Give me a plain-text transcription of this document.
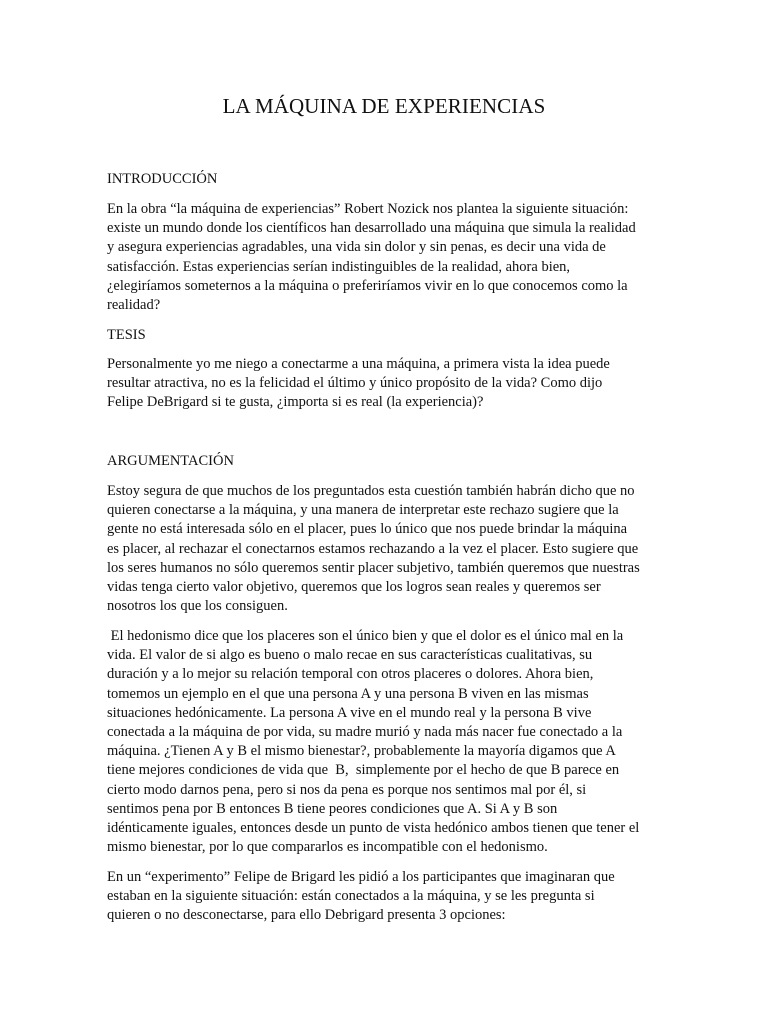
LA MÁQUINA DE EXPERIENCIAS
INTRODUCCIÓN

En la obra “la máquina de experiencias” Robert Nozick nos plantea la siguiente situación:
existe un mundo donde los científicos han desarrollado una máquina que simula la realidad
y asegura experiencias agradables, una vida sin dolor y sin penas, es decir una vida de
satisfacción. Estas experiencias serían indistinguibles de la realidad, ahora bien,
¿elegiríamos someternos a la máquina o preferiríamos vivir en lo que conocemos como la
realidad?

TESIS

Personalmente yo me niego a conectarme a una máquina, a primera vista la idea puede
resultar atractiva, no es la felicidad el último y único propósito de la vida? Como dijo
Felipe DeBrigard si te gusta, ¿importa si es real (la experiencia)?

ARGUMENTACIÓN

Estoy segura de que muchos de los preguntados esta cuestión también habrán dicho que no
quieren conectarse a la máquina, y una manera de interpretar este rechazo sugiere que la
gente no está interesada sólo en el placer, pues lo único que nos puede brindar la máquina
es placer, al rechazar el conectarnos estamos rechazando a la vez el placer. Esto sugiere que
los seres humanos no sólo queremos sentir placer subjetivo, también queremos que nuestras
vidas tenga cierto valor objetivo, queremos que los logros sean reales y queremos ser
nosotros los que los consiguen.

El hedonismo dice que los placeres son el único bien y que el dolor es el único mal en la
vida. El valor de si algo es bueno o malo recae en sus características cualitativas, su
duración y a lo mejor su relación temporal con otros placeres o dolores. Ahora bien,
tomemos un ejemplo en el que una persona A y una persona B viven en las mismas
situaciones hedónicamente. La persona A vive en el mundo real y la persona B vive
conectada a la máquina de por vida, su madre murió y nada más nacer fue conectado a la
máquina. ¿Tienen A y B el mismo bienestar?, probablemente la mayoría digamos que A
tiene mejores condiciones de vida que  B,  simplemente por el hecho de que B parece en
cierto modo darnos pena, pero si nos da pena es porque nos sentimos mal por él, si
sentimos pena por B entonces B tiene peores condiciones que A. Si A y B son
idénticamente iguales, entonces desde un punto de vista hedónico ambos tienen que tener el
mismo bienestar, por lo que compararlos es incompatible con el hedonismo.

En un “experimento” Felipe de Brigard les pidió a los participantes que imaginaran que
estaban en la siguiente situación: están conectados a la máquina, y se les pregunta si
quieren o no desconectarse, para ello Debrigard presenta 3 opciones:
